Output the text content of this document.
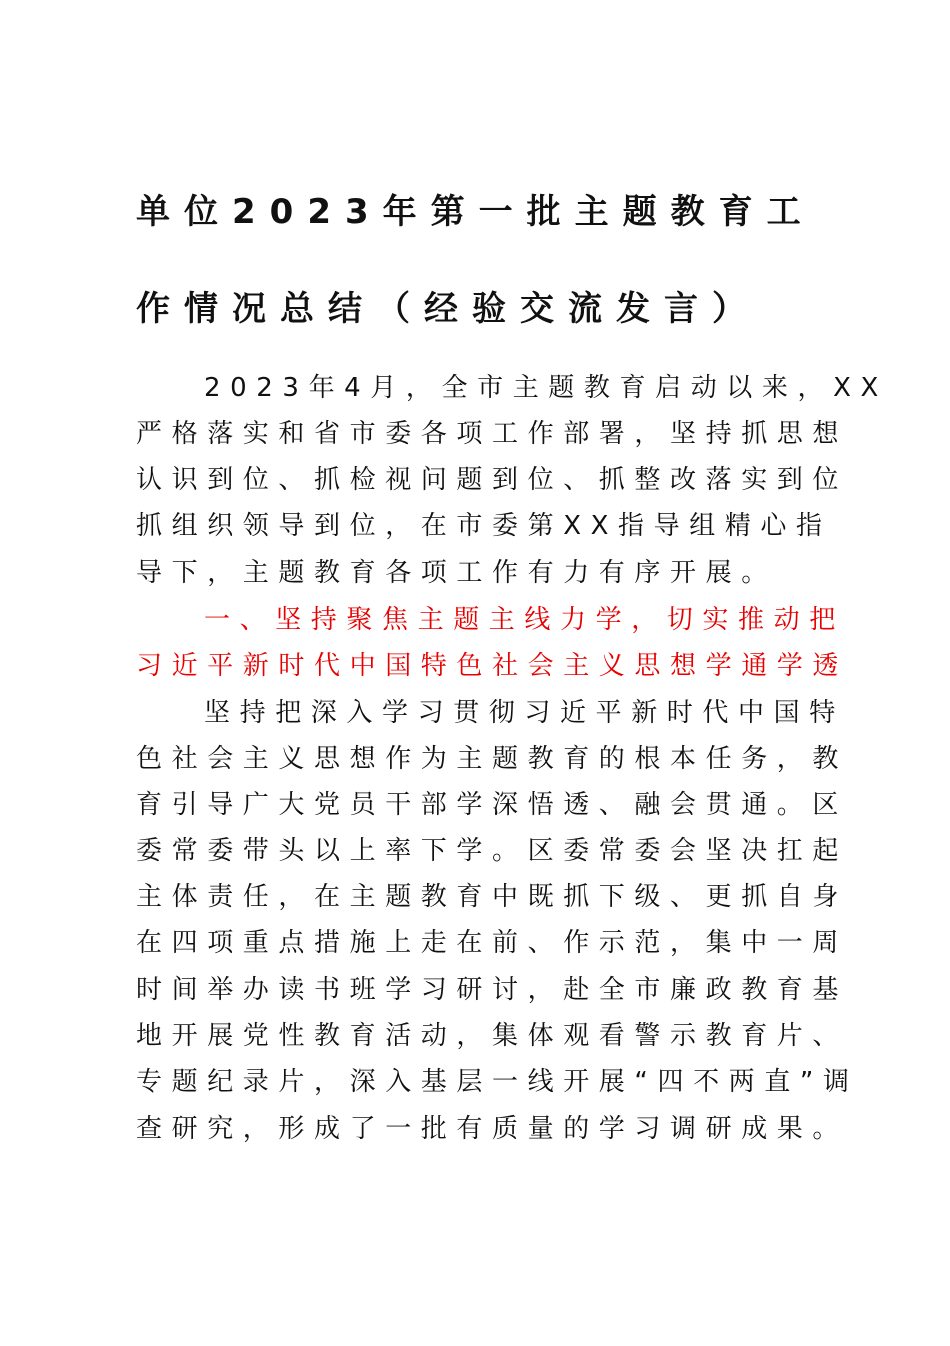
单位2023年第一批主题教育工
作情况总结（经验交流发言）
2023年4月，全市主题教育启动以来，XX
严格落实和省市委各项工作部署，坚持抓思想
认识到位、抓检视问题到位、抓整改落实到位
抓组织领导到位，在市委第XX指导组精心指
导下，主题教育各项工作有力有序开展。
一、坚持聚焦主题主线力学，切实推动把
习近平新时代中国特色社会主义思想学通学透
坚持把深入学习贯彻习近平新时代中国特
色社会主义思想作为主题教育的根本任务，教
育引导广大党员干部学深悟透、融会贯通。区
委常委带头以上率下学。区委常委会坚决扛起
主体责任，在主题教育中既抓下级、更抓自身
在四项重点措施上走在前、作示范，集中一周
时间举办读书班学习研讨，赴全市廉政教育基
地开展党性教育活动，集体观看警示教育片、
专题纪录片，深入基层一线开展“四不两直”调
查研究，形成了一批有质量的学习调研成果。
